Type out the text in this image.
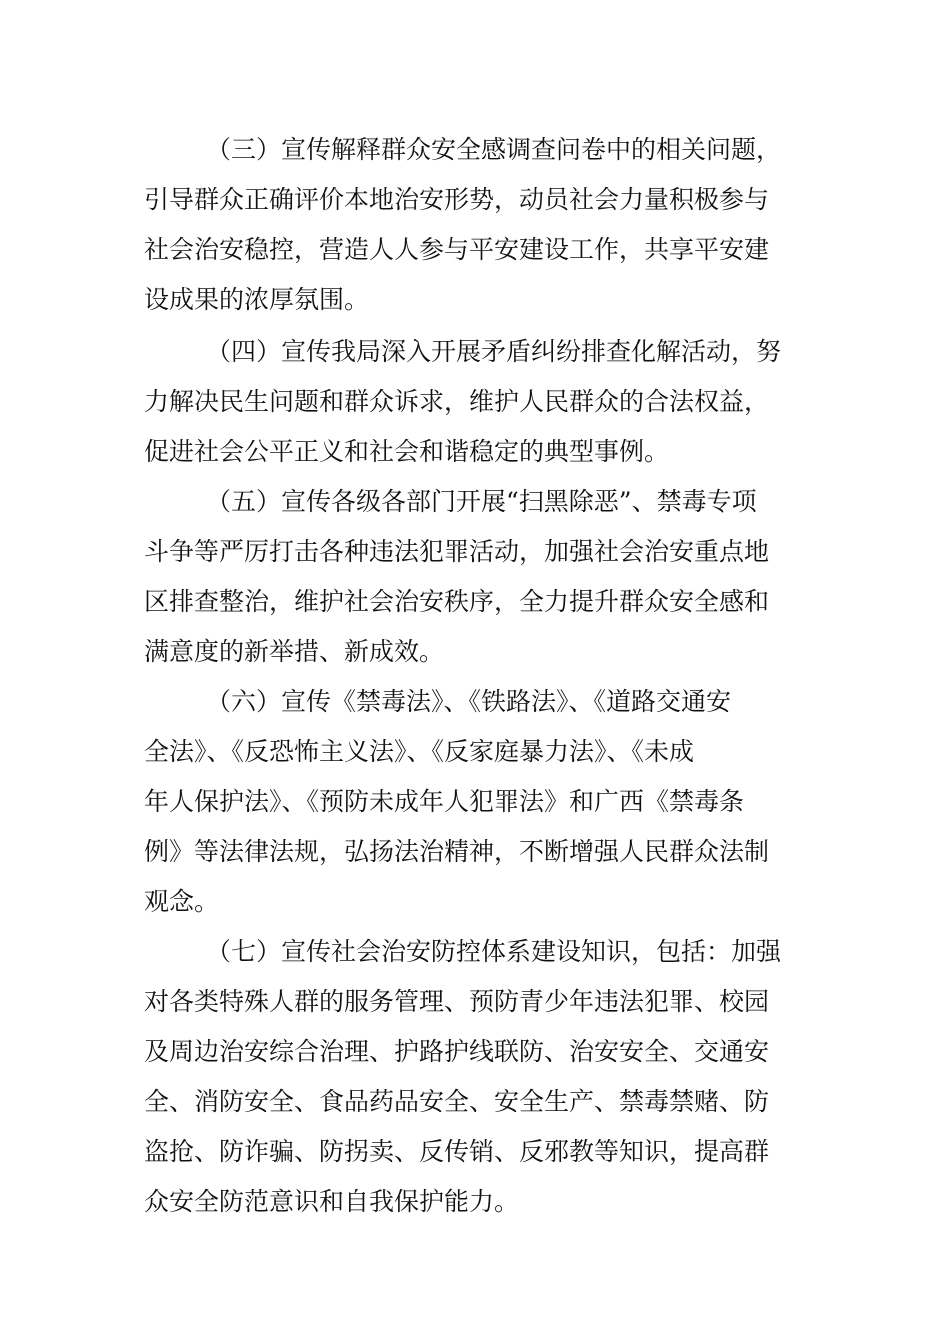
（三）宣传解释群众安全感调查问卷中的相关问题，
引导群众正确评价本地治安形势，动员社会力量积极参与
社会治安稳控，营造人人参与平安建设工作，共享平安建
设成果的浓厚氛围。
（四）宣传我局深入开展矛盾纠纷排查化解活动，努
力解决民生问题和群众诉求，维护人民群众的合法权益，
促进社会公平正义和社会和谐稳定的典型事例。
（五）宣传各级各部门开展“扫黑除恶”、禁毒专项
斗争等严厉打击各种违法犯罪活动，加强社会治安重点地
区排查整治，维护社会治安秩序，全力提升群众安全感和
满意度的新举措、新成效。
（六）宣传《禁毒法》、《铁路法》、《道路交通安
全法》、《反恐怖主义法》、《反家庭暴力法》、《未成
年人保护法》、《预防未成年人犯罪法》和广西《禁毒条
例》等法律法规，弘扬法治精神，不断增强人民群众法制
观念。
（七）宣传社会治安防控体系建设知识，包括：加强
对各类特殊人群的服务管理、预防青少年违法犯罪、校园
及周边治安综合治理、护路护线联防、治安安全、交通安
全、消防安全、食品药品安全、安全生产、禁毒禁赌、防
盗抢、防诈骗、防拐卖、反传销、反邪教等知识，提高群
众安全防范意识和自我保护能力。
